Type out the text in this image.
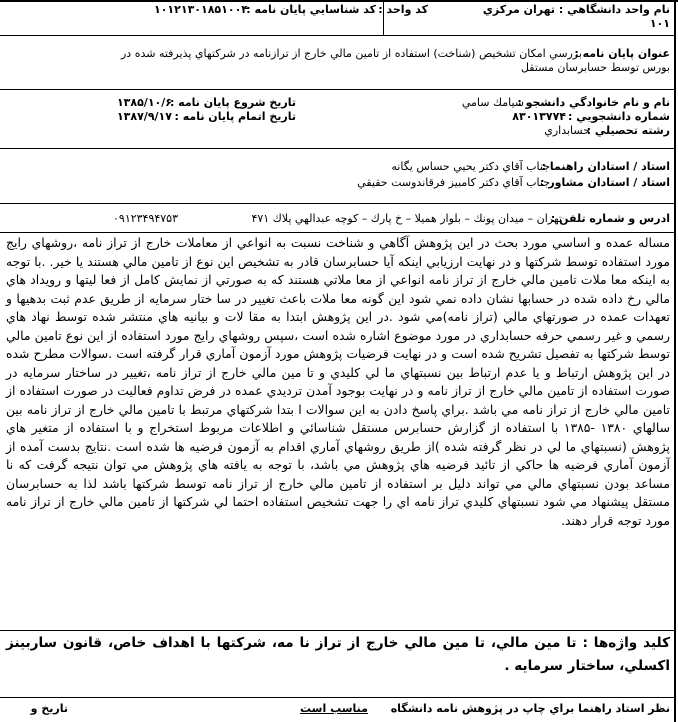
نام واحد دانشگاهي : تهران مركزي
كد واحد :
۱۰۱
كد شناسايي پايان نامه :
۱۰۱۲۱۳۰۱۸۵۱۰۰۴
عنوان پايان نامه :
بررسي امكان تشخيص (شناخت) استفاده از تامين مالي خارج از ترازنامه در شركتهاي پذيرفته شده در
بورس توسط حسابرسان مستقل
نام و نام خانوادگي دانشجو :
سيامك سامي
شماره دانشجويي :
۸۳۰۱۳۷۷۴
رشته تحصيلي :
حسابداري
تاريخ شروع پايان نامه :
۱۳۸۵/۱۰/۶
تاريخ اتمام پايان نامه :
۱۳۸۷/۹/۱۷
استاد / استادان راهنما :
جناب آقاي دكتر يحيي حساس يگانه
استاد / استادان مشاور :
جناب آقاي دكتر كامبيز فرقاندوست حقيقي
ادرس و شماره تلفن :
تهران – ميدان پونك – بلوار همیلا – خ پارك – كوچه عبدالهي پلاك ۴۷۱
۰۹۱۲۳۴۹۴۷۵۳

مساله عمده و اساسي مورد بحث در اين پژوهش آگاهي و شناخت نسبت به انواعي از معاملات خارج از تراز نامه ،روشهاي رايج مورد استفاده توسط شركتها و در نهايت ارزيابي اينكه آيا حسابرسان قادر به تشخيص اين نوع از تامين مالي هستند يا خير. .با توجه به اينكه معا ملات تامين مالي خارج از تراز نامه انواعي از معا ملاتي هستند كه به صورتي از نمايش كامل از فعا ليتها و رويداد هاي مالي رخ داده شده در حسابها نشان داده نمي شود اين گونه معا ملات باعث تغيير در سا ختار سرمايه از طريق عدم ثبت بدهيها و تعهدات عمده در صورتهاي مالي (تراز نامه)مي شود .در اين پژوهش ابتدا به مقا لات و بيانيه هاي منتشر شده توسط نهاد هاي رسمي و غير رسمي حرفه حسابداري در مورد موضوع اشاره شده است ،سپس روشهاي رايج مورد استفاده از اين نوع تامين مالي توسط شركتها به تفصيل تشريح شده است و در نهايت فرضيات پژوهش مورد آزمون آماري قرار گرفته است .سوالات مطرح شده در اين پژوهش ارتباط و يا عدم ارتباط بين نسبتهاي ما لي كليدي و تا مين مالي خارج از تراز نامه ،تغيير در ساختار سرمايه در صورت استفاده از تامين مالي خارج از تراز نامه و در نهايت بوجود آمدن ترديدي عمده در فرض تداوم فعاليت در صورت استفاده از تامين مالي خارج از تراز نامه مي باشد .براي پاسخ دادن به اين سوالات ا بتدا شركتهاي مرتبط با تامين مالي خارج از تراز نامه بين سالهاي ۱۳۸۰ -۱۳۸۵ با استفاده از گزارش حسابرس مستقل شناسائي و اطلاعات مربوط استخراج و با استفاده از متغير هاي پژوهش (نسبتهاي ما لي در نظر گرفته شده )از طريق روشهاي آماري اقدام به آزمون فرضيه ها شده است .نتايج بدست آمده از آزمون آماري فرضيه ها حاكي از تائيد فرضيه هاي پژوهش مي باشد، با توجه به يافته هاي پژوهش مي توان نتيجه گرفت كه نا مساعد بودن نسبتهاي مالي مي تواند دليل بر استفاده از تامين مالي خارج از تراز نامه توسط شركتها باشد لذا به حسابرسان مستقل پيشنهاد مي شود نسبتهاي كليدي تراز نامه اي را جهت تشخيص استفاده احتما لي شركتها از تامين مالي خارج از تراز نامه مورد توجه قرار دهند.

كليد واژه‌ها : تا مين مالي، تا مين مالي خارج از تراز نا مه، شركتها با اهداف خاص، قانون ساربينز اكسلي، ساختار سرمايه .

نظر استاد راهنما براي چاپ در پژوهش نامه دانشگاه
مناسب است
تاريخ و
